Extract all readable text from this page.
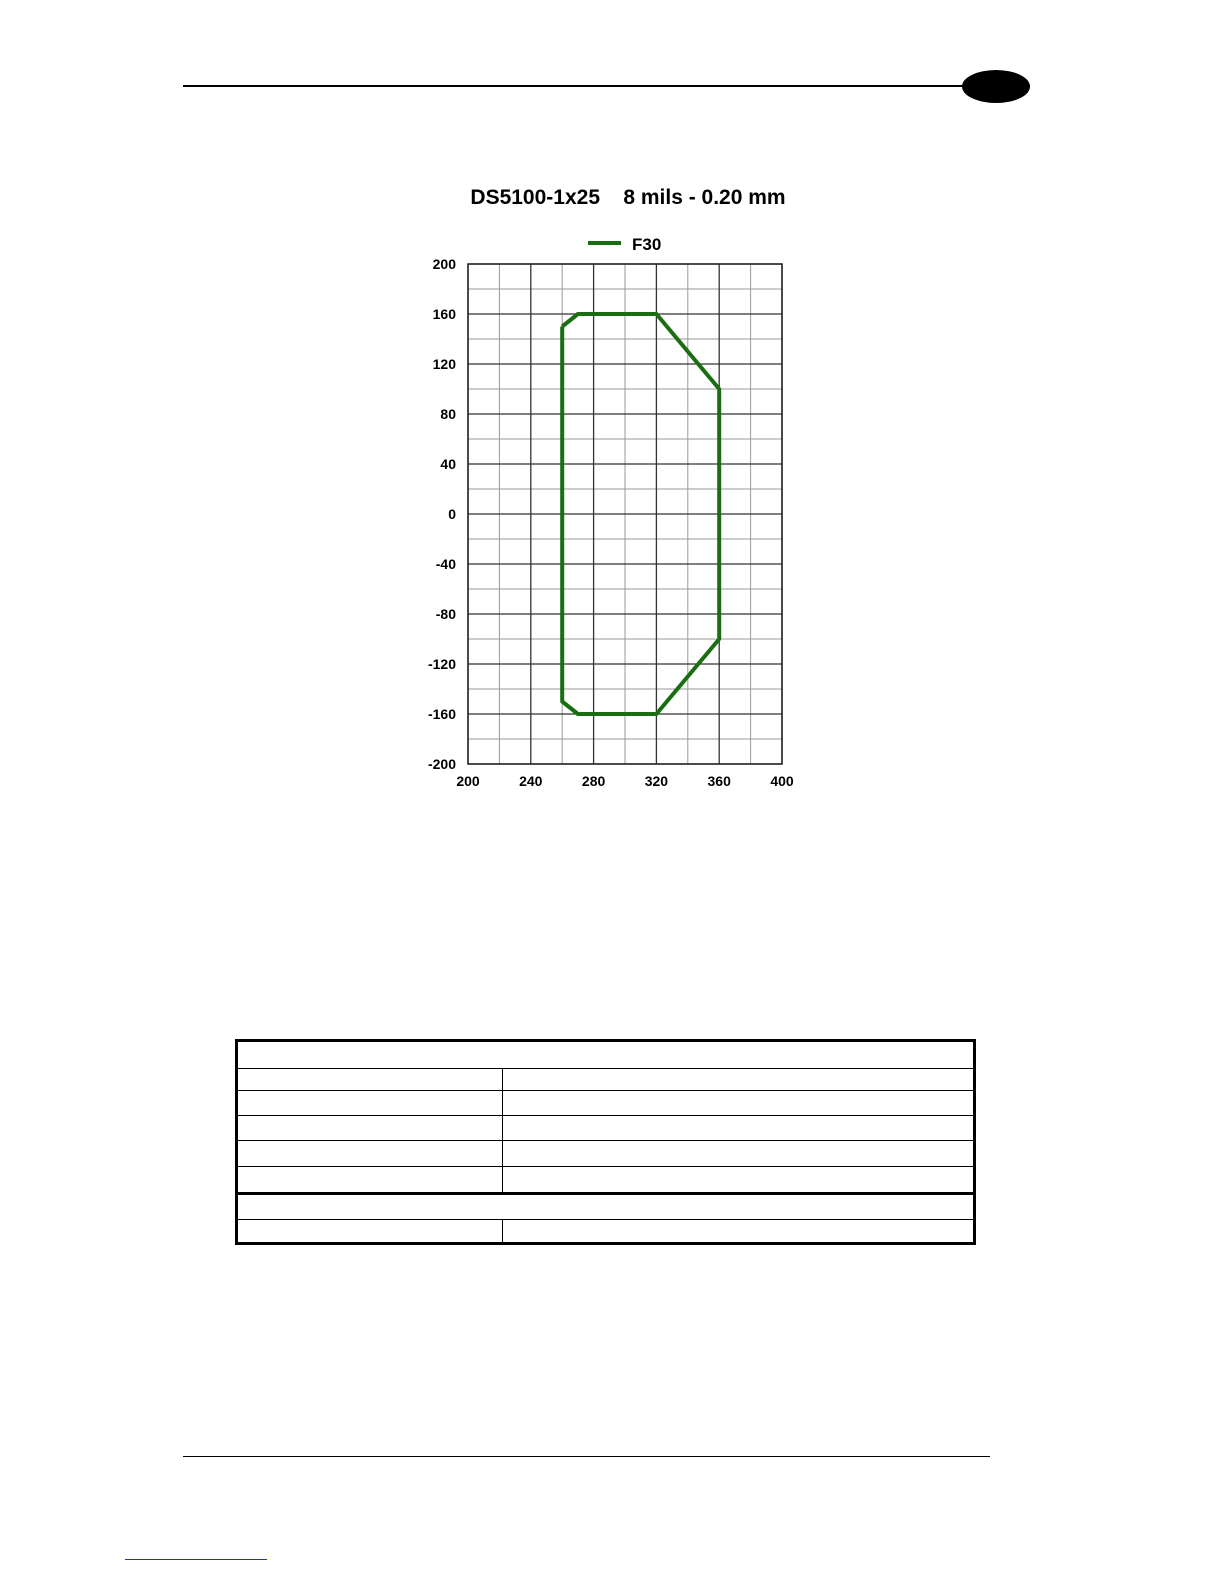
DS5100-1x25    8 mils - 0.20 mm
F30
200
160
120
80
40
0
-40
-80
-120
-160
-200
200	240	280	320	360	400
